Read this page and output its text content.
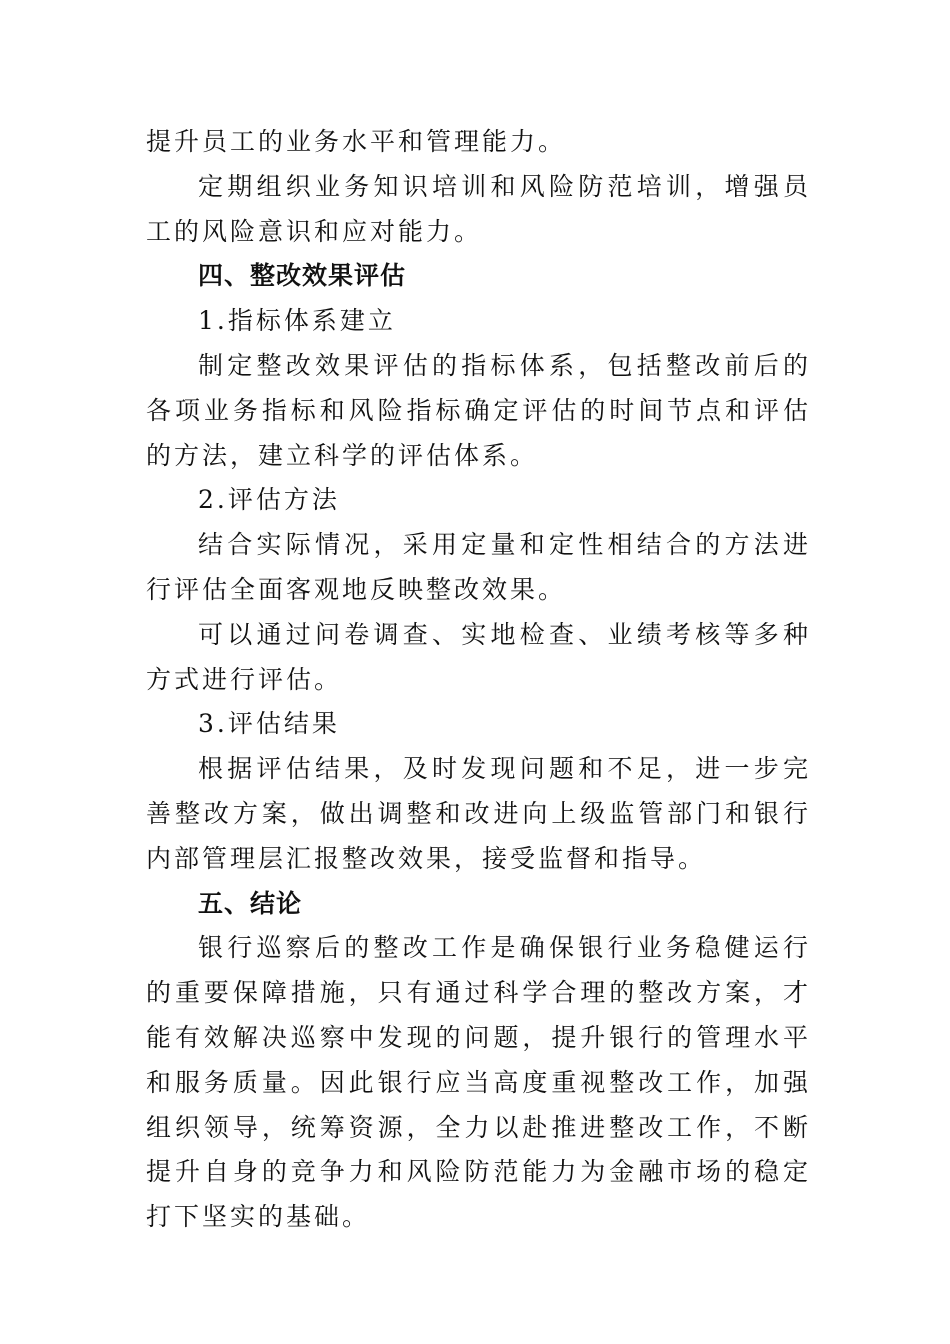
提升员工的业务水平和管理能力。

定期组织业务知识培训和风险防范培训，增强员工的风险意识和应对能力。

四、整改效果评估

1.指标体系建立

制定整改效果评估的指标体系，包括整改前后的各项业务指标和风险指标确定评估的时间节点和评估的方法，建立科学的评估体系。

2.评估方法

结合实际情况，采用定量和定性相结合的方法进行评估全面客观地反映整改效果。

可以通过问卷调查、实地检查、业绩考核等多种方式进行评估。

3.评估结果

根据评估结果，及时发现问题和不足，进一步完善整改方案，做出调整和改进向上级监管部门和银行内部管理层汇报整改效果，接受监督和指导。

五、结论

银行巡察后的整改工作是确保银行业务稳健运行的重要保障措施，只有通过科学合理的整改方案，才能有效解决巡察中发现的问题，提升银行的管理水平和服务质量。因此银行应当高度重视整改工作，加强组织领导，统筹资源，全力以赴推进整改工作，不断提升自身的竞争力和风险防范能力为金融市场的稳定打下坚实的基础。
